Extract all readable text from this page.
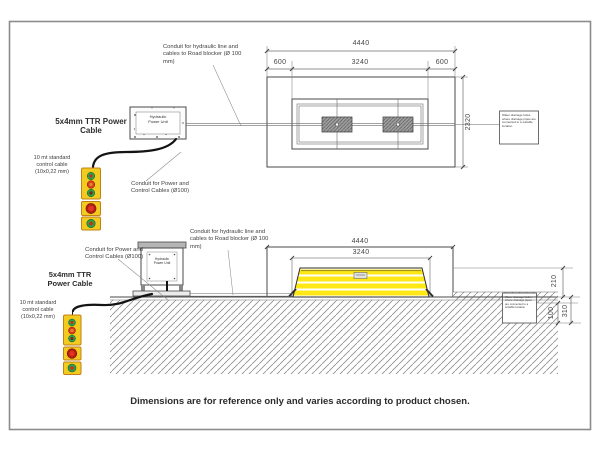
Conduit for hydraulic line and cables to Road blocker (Ø 100 mm)
Hydraulic Power Unit
5x4mm TTR Power Cable
10 mt standard control cable (10x0,22 mm)
Conduit for Power and Control Cables (Ø100)
Water drainage holes where drainage pipes are connected to a suitable location
4440
600	3240	600
2320
Conduit for hydraulic line and cables to Road blocker (Ø 100 mm)
Conduit for Power and Control Cables (Ø100)
5x4mm TTR Power Cable
10 mt standard control cable (10x0,22 mm)
Hydraulic Power Unit
Water drainage holes where drainage pipes are connected to a suitable location
4440
3240
210
100	310
Dimensions are for reference only and varies according to product chosen.
